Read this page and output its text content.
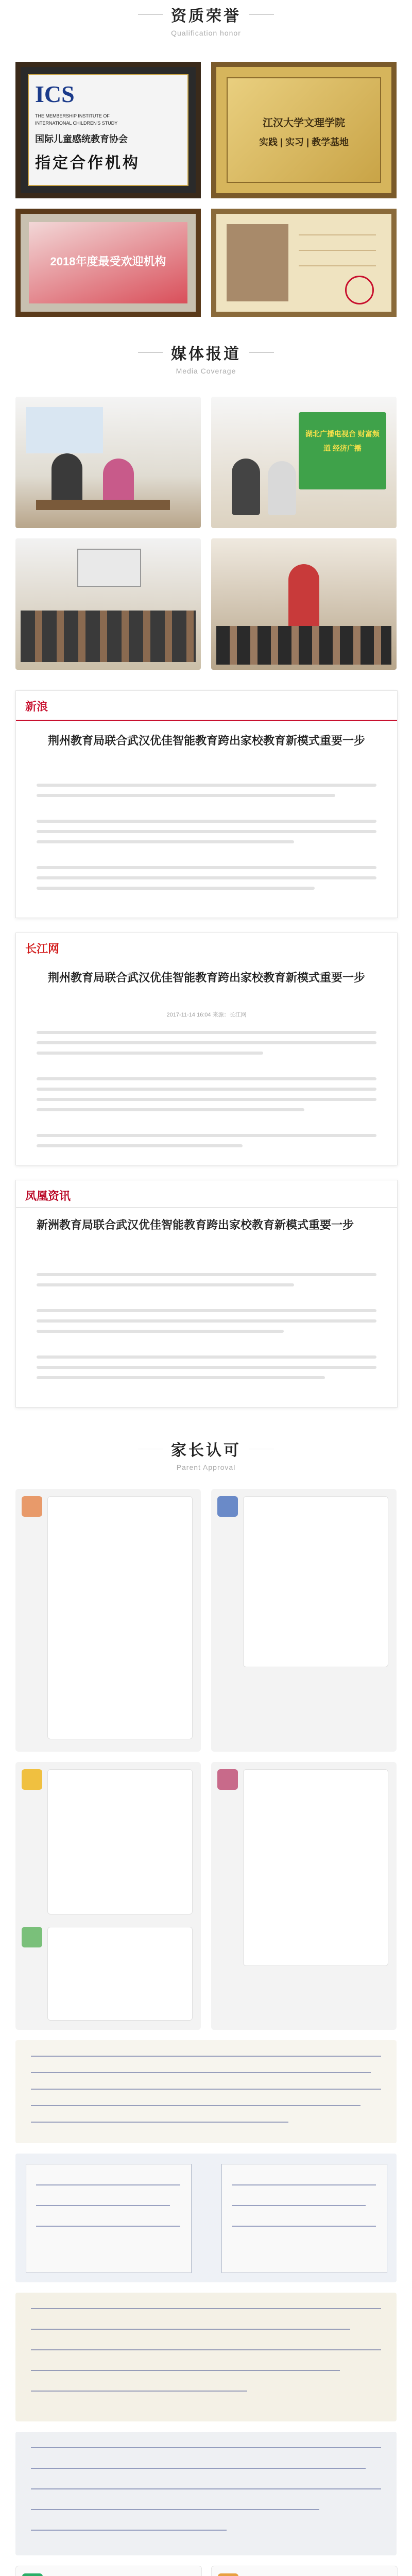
资质荣誉
Qualification honor
ICS
THE MEMBERSHIP INSTITUTE OF
INTERNATIONAL CHILDREN'S STUDY
国际儿童感统教育协会
指定合作机构
江汉大学文理学院
实践 | 实习 | 教学基地
2018年度最受欢迎机构
媒体报道
Media Coverage
湖北广播电视台 财富频道 经济广播
新浪
荆州教育局联合武汉优佳智能教育跨出家校教育新模式重要一步
长江网
荆州教育局联合武汉优佳智能教育跨出家校教育新模式重要一步
2017-11-14 16:04 来源：长江网
凤凰资讯
新洲教育局联合武汉优佳智能教育跨出家校教育新模式重要一步
家长认可
Parent Approval
